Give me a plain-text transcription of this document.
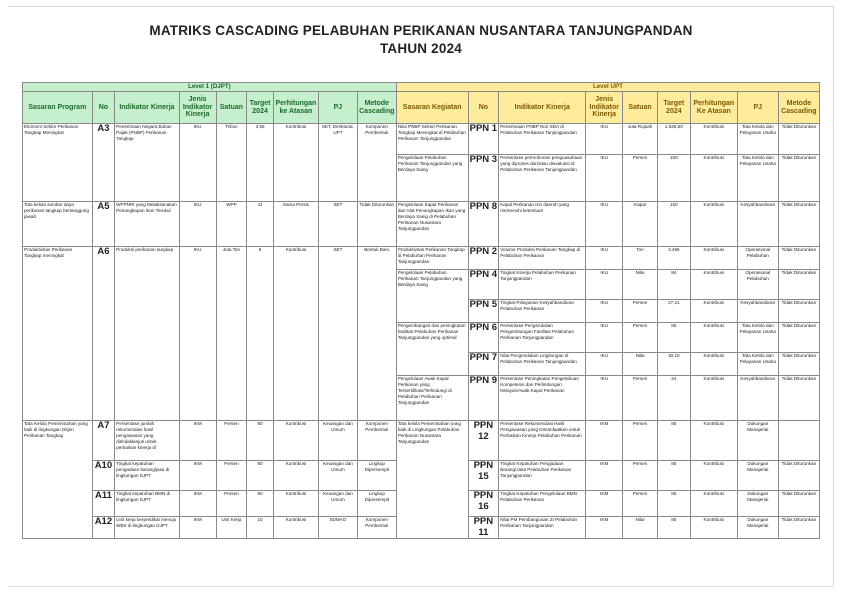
MATRIKS CASCADING PELABUHAN PERIKANAN NUSANTARA TANJUNGPANDAN
TAHUN 2024
Level 1 (DJPT)									Level UPT								
Sasaran Program	No	Indikator Kinerja	Jenis Indikator Kinerja	Satuan	Target 2024	Perhitungan ke Atasan	PJ	Metode Cascading	Sasaran Kegiatan	No	Indikator Kinerja	Jenis Indikator Kinerja	Satuan	Target 2024	Perhitungan Ke Atasan	PJ	Metode Cascading
Ekonomi Sektor Perikanan Tangkap Meningkat	A3	Penerimaan Negara Bukan Pajak (PNBP) Perikanan Tangkap	IKU	Triliun	3,56	Kontribusi	SET, Direktorat, UPT	Komponen Pembentuk	Nilai PNBP Sektor Perikanan Tangkap Meningkat di Pelabuhan Perikanan Tanjungpandan	PPN 1	Penerimaan PNBP Non SDA di Pelabuhan Perikanan Tanjungpandan	IKU	Juta Rupiah	1.635,60	Kontribusi	Tata Kelola dan Pelayanan Usaha	Tidak Diturunkan
									Pengelolaan Pelabuhan Perikanan Tanjungpandan yang Berdaya Saing	PPN 3	Persentase permohonan penguasahaan yang diproses dan/atau dievaluasi di Pelabuhan Perikanan Tanjungpandan	IKU	Persen	100	Kontribusi	Tata Kelola dan Pelayanan Usaha	Tidak Diturunkan
Tata kelola sumber daya perikanan tangkap bertanggung jawab	A5	WPPNRI yang Melaksanakan Penangkapan Ikan Terukur	IKU	WPP	11	Sama Persis	SET	Tidak Diturunkan	Pengelolaan Kapal Perikanan dan Alat Penangkapan Ikan yang Berdaya Saing di Pelabuhan Perikanan Nusantara Tanjungpandan	PPN 8	Kapal Perikanan izin daerah yang memenuhi ketentuan	IKU	Kapal	150	Kontribusi	Kesyahbandaran	Tidak Diturunkan
Produktivitas Perikanan Tangkap meningkat	A6	Produksi perikanan tangkap	IKU	Juta Ton	6	Kontribusi	SET	Bentuk Baru	Produktivitas Perikanan Tangkap di Pelabuhan Perikanan Tanjungpandan	PPN 2	Volume Produksi Perikanan Tangkap di Pelabuhan Perikanan	IKU	Ton	3.496	Kontribusi	Operasional Pelabuhan	Tidak Diturunkan
									Pengelolaan Pelabuhan Perikanan Tanjungpandan yang Berdaya Saing	PPN 4	Tingkat Kinerja Pelabuhan Perikanan Tanjungpandan	IKU	Nilai	84	Kontribusi	Operasional Pelabuhan	Tidak Diturunkan
										PPN 5	Tingkat Pelayanan Kesyahbandaran Pelabuhan Perikanan	IKU	Persen	27,21	Kontribusi	Kesyahbandaran	Tidak Diturunkan
									Pengembangan dan peningkatan fasilitas Pelabuhan Perikanan Tanjungpandan yang optimal	PPN 6	Persentase Pengendalian Pengembangan Fasilitas Pelabuhan Perikanan Tanjungpandan	IKU	Persen	80	Kontribusi	Tata Kelola dan Pelayanan Usaha	Tidak Diturunkan
										PPN 7	Nilai Pengendalian Lingkungan di Pelabuhan Perikanan Tanjungpandan	IKU	Nilai	30,10	Kontribusi	Tata Kelola dan Pelayanan Usaha	Tidak Diturunkan
									Pengelolaan Awak Kapal Perikanan yang Tersertifikasi/Terlindungi di Pelabuhan Perikanan Tanjungpandan	PPN 9	Persentase Peningkatan Pengetahuan Kompetensi dan Perlindungan Nelayan/Awak Kapal Perikanan	IKU	Persen	24	Kontribusi	Kesyahbandaran	Tidak Diturunkan
Tata Kelola Pemerintahan yang baik di lingkungan Ditjen Perikanan Tangkap	A7	Persentase jumlah rekomendasi hasil pengawasan yang ditindaklanjuti untuk perbaikan kinerja di	IKM	Persen	80	Kontribusi	Keuangan dan Umum	Komponen Pembentuk	Tata kelola Pemerintahan yang baik di Lingkungan Pelabuhan Perikanan Nusantara Tanjungpandan	PPN 12	Persentase Rekomendasi Hasil Pengawasan yang Dimanfaatkan untuk Perbaikan Kinerja Pelabuhan Perikanan	IKM	Persen	80	Kontribusi	Dukungan Manajerial	
	A10	Tingkat kepatuhan pengadaan barang/jasa di lingkungan DJPT	IKM	Persen	80	Kontribusi	Keuangan dan Umum	Lingkup Dipersempit		PPN 15	Tingkat Kepatuhan Pengadaan Barang/Jasa Pelabuhan Perikanan Tanjungpandan	IKM	Persen	80	Kontribusi	Dukungan Manajerial	Tidak Diturunkan
	A11	Tingkat kepatuhan BMN di lingkungan DJPT	IKM	Persen	80	Kontribusi	Keuangan dan Umum	Lingkup Dipersempit		PPN 16	Tingkat Kepatuhan Pengelolaan BMN Pelabuhan Perikanan	IKM	Persen	80	Kontribusi	Dukungan Manajerial	Tidak Diturunkan
	A12	Unit kerja berpredikat menuju WBK di lingkungan DJPT	IKM	Unit Kerja	15	Kontribusi	SDMAO	Komponen Pembentuk		PPN 11	Nilai PM Pembangunan ZI Pelabuhan Perikanan Tanjungpandan	IKM	Nilai	80	Kontribusi	Dukungan Manajerial	Tidak Diturunkan
